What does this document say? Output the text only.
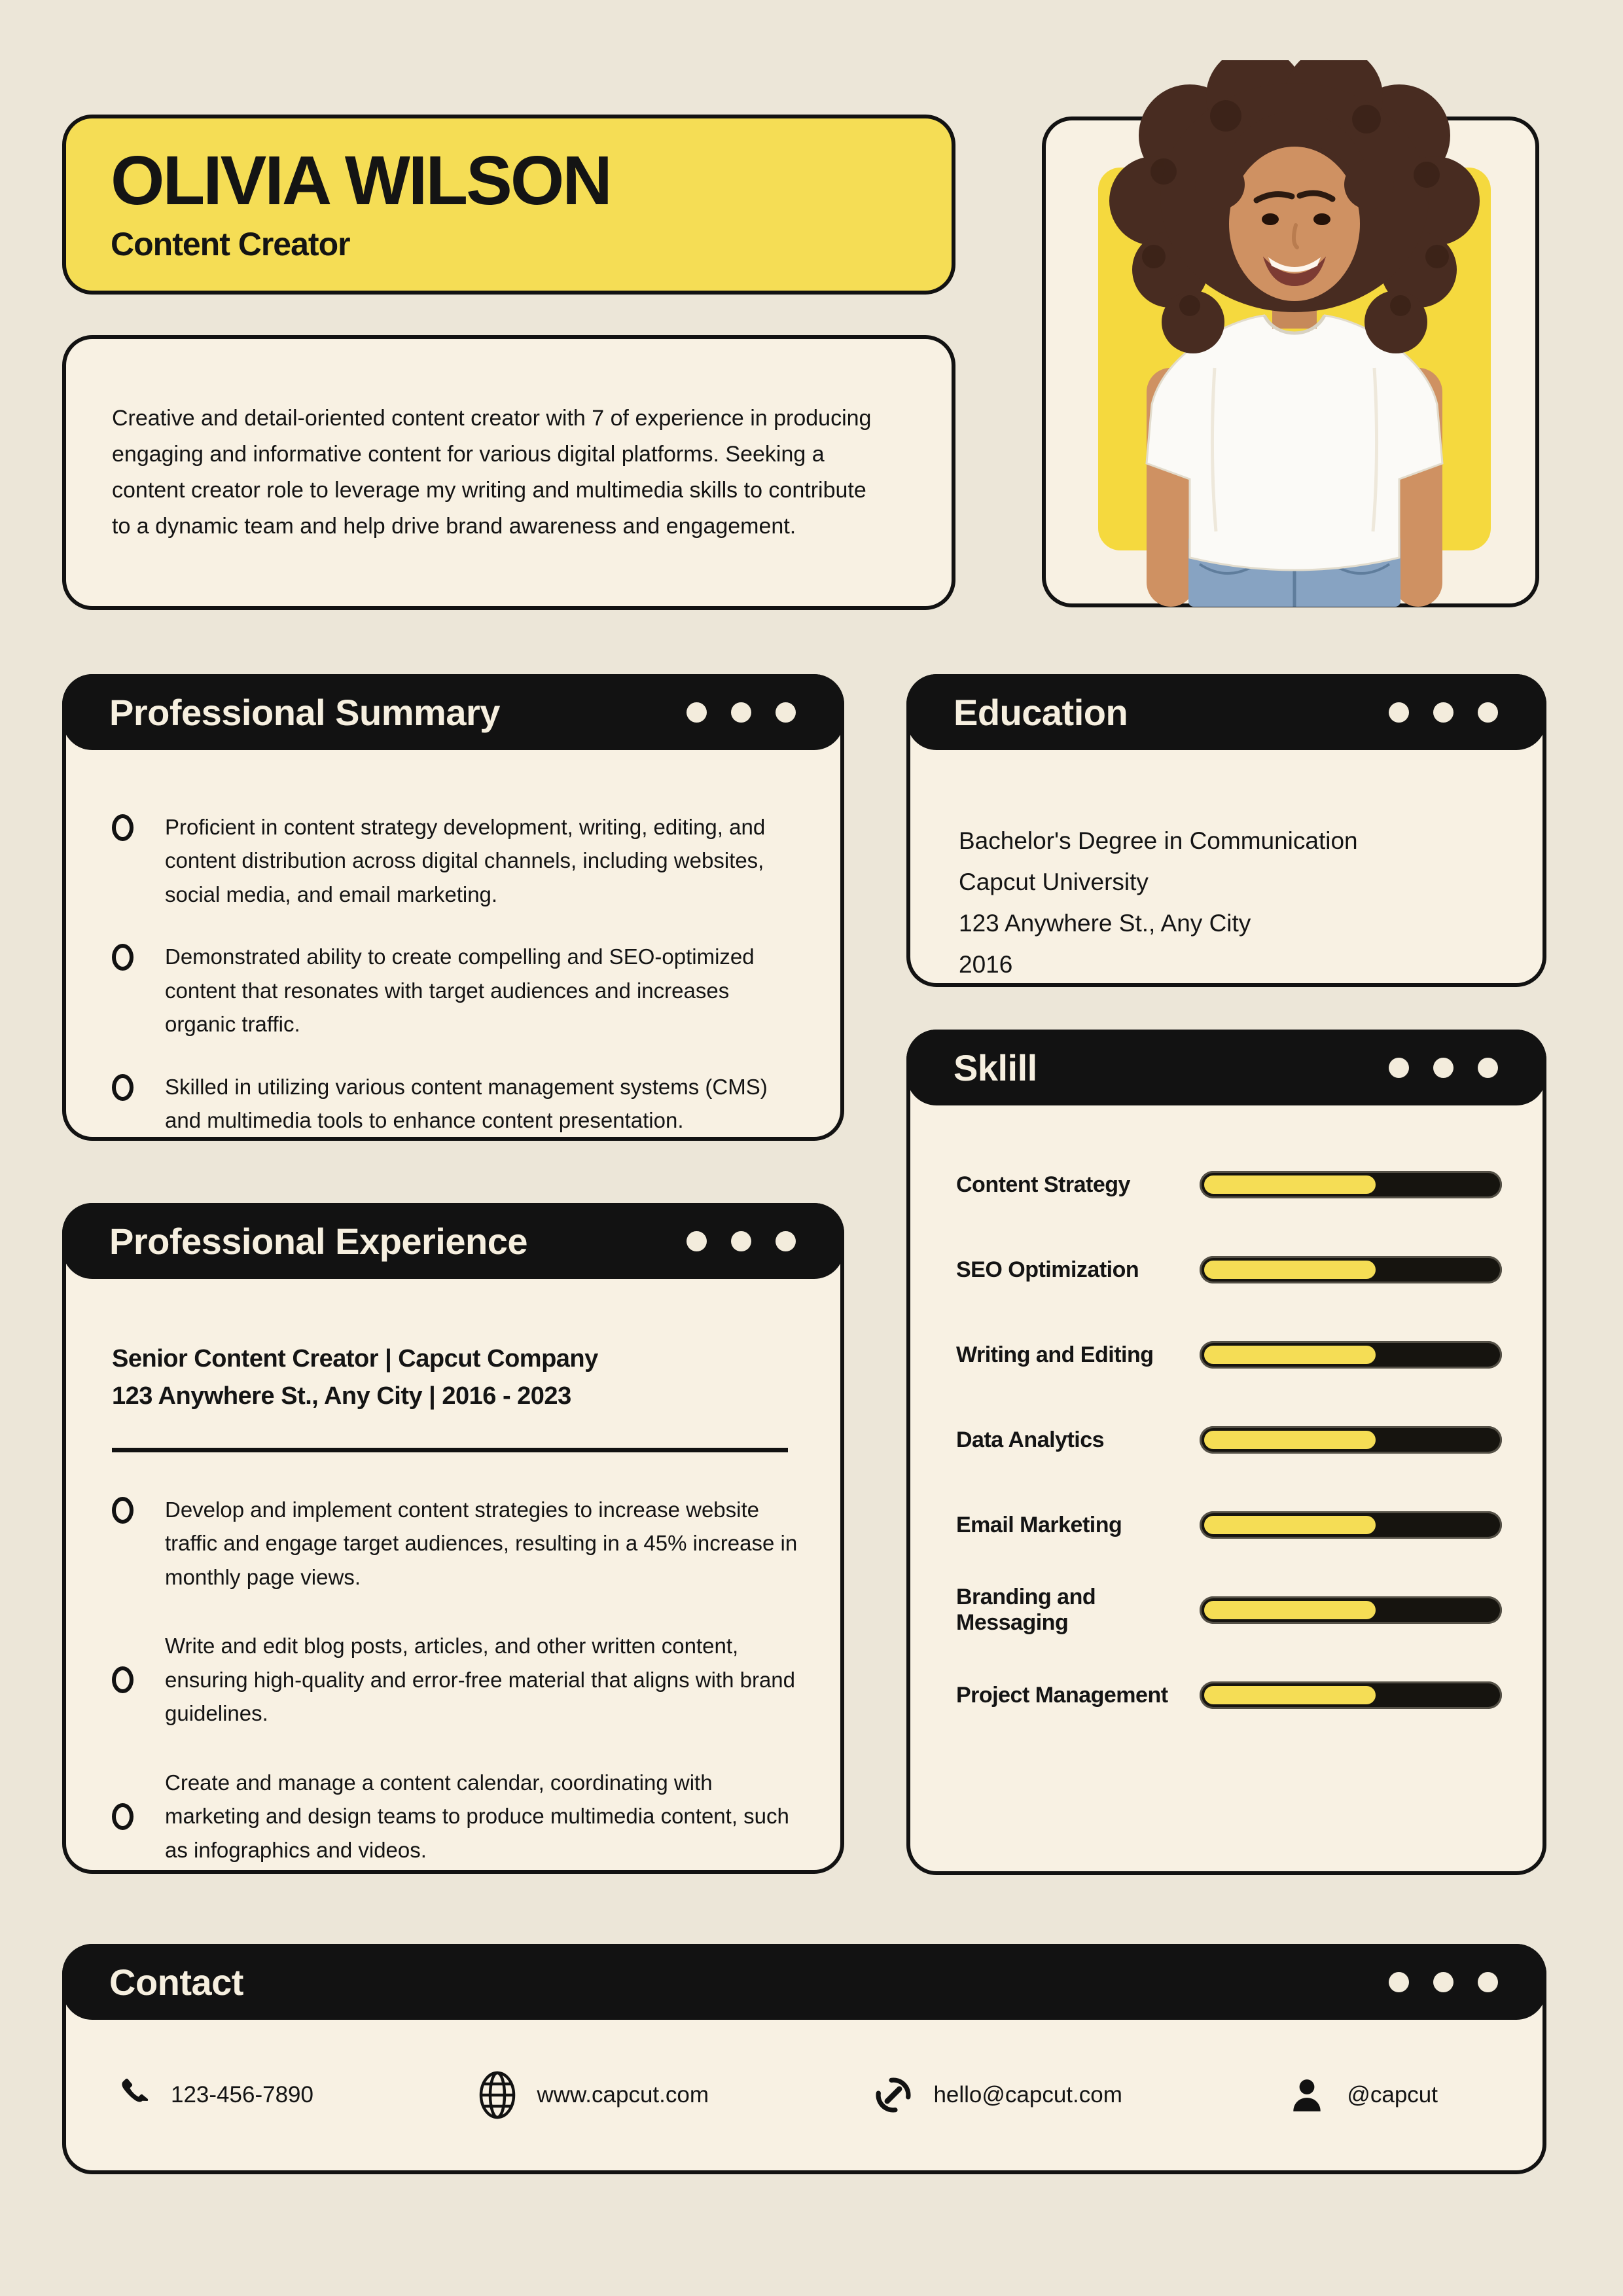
OLIVIA WILSON
Content Creator

Creative and detail-oriented content creator with 7 of experience in producing engaging and informative content for various digital platforms. Seeking a content creator role to leverage my writing and multimedia skills to contribute to a dynamic team and help drive brand awareness and engagement.

Professional Summary
Proficient in content strategy development, writing, editing, and content distribution across digital channels, including websites, social media, and email marketing.
Demonstrated ability to create compelling and SEO-optimized content that resonates with target audiences and increases organic traffic.
Skilled in utilizing various content management systems (CMS) and multimedia tools to enhance content presentation.
Education
Bachelor's Degree in Communication
Capcut University
123 Anywhere St., Any City
2016
Sklill
Content Strategy
SEO Optimization
Writing and Editing
Data Analytics
Email Marketing
Branding and Messaging
Project Management
Professional Experience
Senior Content Creator | Capcut Company
123 Anywhere St., Any City | 2016 - 2023
Develop and implement content strategies to increase website traffic and engage target audiences, resulting in a 45% increase in monthly page views.
Write and edit blog posts, articles, and other written content, ensuring high-quality and error-free material that aligns with brand guidelines.
Create and manage a content calendar, coordinating with marketing and design teams to produce multimedia content, such as infographics and videos.
Contact
123-456-7890	www.capcut.com	hello@capcut.com	@capcut
